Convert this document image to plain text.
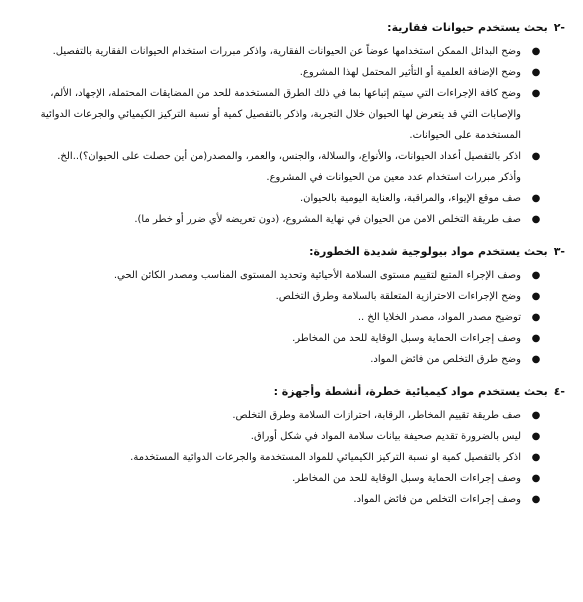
-٢
بحث يستخدم حيوانات فقارية:
●
وضح البدائل الممكن استخدامها عوضاً عن الحيوانات الفقارية، واذكر مبررات استخدام الحيوانات الفقارية بالتفصيل.
●
وضح الإضافة العلمية أو التأثير المحتمل لهذا المشروع.
●
وضح كافة الإجراءات التي سيتم إتباعها بما في ذلك الطرق المستخدمة للحد من المضايقات المحتملة، الإجهاد، الألم،
والإصابات التي قد يتعرض لها الحيوان خلال التجربة، واذكر بالتفصيل كمية أو نسبة التركيز الكيميائي والجرعات الدوائية
المستخدمة على الحيوانات.
●
اذكر بالتفصيل أعداد الحيوانات، والأنواع، والسلالة، والجنس، والعمر، والمصدر(من أين حصلت على الحيوان؟)..الخ.
وأذكر مبررات استخدام عدد معين من الحيوانات في المشروع.
●
صف موقع الإيواء، والمراقبة، والعناية اليومية بالحيوان.
●
صف طريقة التخلص الامن من الحيوان في نهاية المشروع، (دون تعريضه لأي ضرر أو خطر ما).
-٣
بحث يستخدم مواد بيولوجية شديدة الخطورة:
●
وصف الإجراء المتبع لتقييم مستوى السلامة الأحيائية وتحديد المستوى المناسب ومصدر الكائن الحي.
●
وضح الإجراءات الاحترازية المتعلقة بالسلامة وطرق التخلص.
●
توضيح مصدر المواد، مصدر الخلايا الخ ..
●
وصف إجراءات الحماية وسبل الوقاية للحد من المخاطر.
●
وضح طرق التخلص من فائض المواد.
-٤
بحث يستخدم مواد كيميائية خطرة، أنشطة وأجهزة :
●
صف طريقة تقييم المخاطر، الرقابة، احترازات السلامة وطرق التخلص.
●
ليس بالضرورة تقديم صحيفة بيانات سلامة المواد في شكل أوراق.
●
اذكر بالتفصيل كمية او نسبة التركيز الكيميائي للمواد المستخدمة والجرعات الدوائية المستخدمة.
●
وصف إجراءات الحماية وسبل الوقاية للحد من المخاطر.
●
وصف إجراءات التخلص من فائض المواد.
